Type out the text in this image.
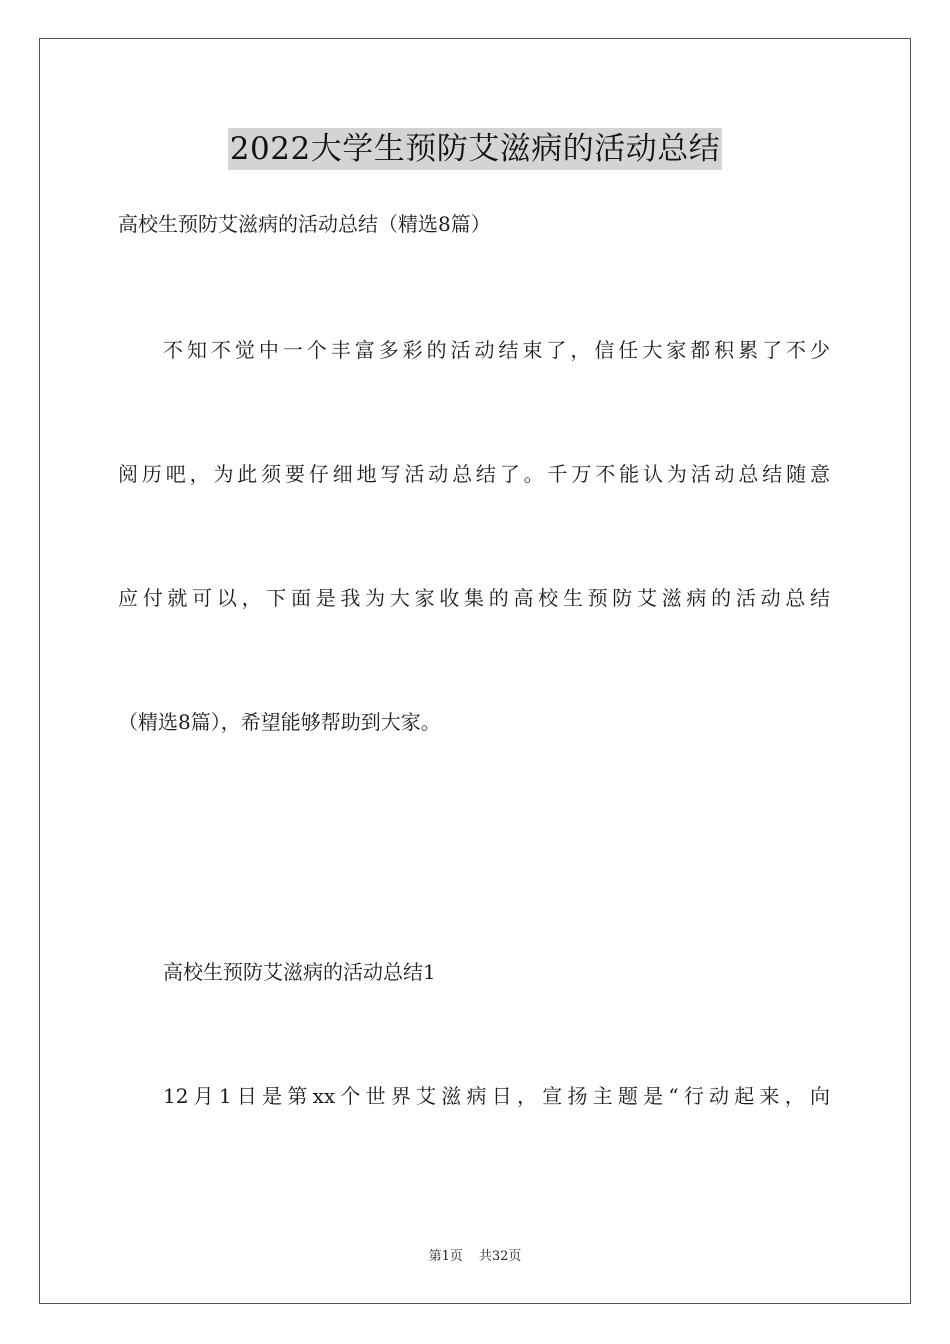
2022大学生预防艾滋病的活动总结
高校生预防艾滋病的活动总结（精选8篇）
不知不觉中一个丰富多彩的活动结束了，信任大家都积累了不少
阅历吧，为此须要仔细地写活动总结了。千万不能认为活动总结随意
应付就可以，下面是我为大家收集的高校生预防艾滋病的活动总结
（精选8篇），希望能够帮助到大家。
高校生预防艾滋病的活动总结1
12月1日是第xx个世界艾滋病日，宣扬主题是“行动起来，向
第1页 共32页
